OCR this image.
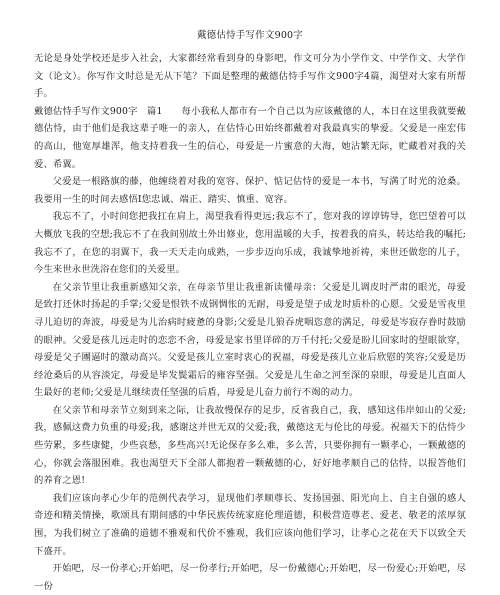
戴德估恃手写作文900字

无论是身处学校还是步入社会，大家都经常看到身的身影吧，作文可分为小学作文、中学作文、大学作文（论文）。你写作文时总是无从下笔？下面是整理的戴德估恃手写作文900字4篇，渴望对大家有所帮手。

戴德估恃手写作文900字　篇1　　每小我私人都市有一个自己以为应该戴德的人，本日在这里我就要戴德估恃，由于他们是我这辈子唯一的亲人，在估恃心田始终都戴着对我最真实的挚爱。父爱是一座宏伟的高山，他宽厚雄浑，他支持着我一生的信心，母爱是一片蜜意的大海，她沾繁无际，贮藏着对我的关爱、希翼。

父爱是一根路旗的藤，他缠绕着对我的宽容、保护、惦记估恃的爱是一本书，写满了时光的沧桑。我要用一生的时间去感悟I您忠诚、端正、踏实、慎重、宽容。

我忘不了，小时间您把我扛在肩上，渴望我看得更远;我忘不了，您对我的谆谆铸导，您巴望着可以大概放飞我的空想;我忘不了在我间别故土外出修业，您用温暖的大手，按着我的肩头，转达给我的嘱托;我忘不了，在您的羽翼下，我一天天走向成熟，一步步迈向乐成，我诚挚地祈祷，来世还做您的儿子，今生来世永世洗浴在您们的关爱里。

在父亲节里让我重新感知父亲，在母亲节里让我重新读懂母亲：父爱是儿调皮时严肃的眼光，母爱是致打还休时扬起的手掌;父爱是恨铁不成钢惆怅的无耐，母爱是望子成龙时质朴的心愿。父爱是雪夜里寻儿迫切的奔波，母爱是为儿治病时疲惫的身影;父爱是儿狼吞虎咽恣意的满足，母爱是岑寂存眷时鼓励的眼神。父爱是孩儿远走时的恋恋不舍，母爱是家书里详碎的万千付托;父爱是盼儿回家时的望眼欲穿，母爱是父子團逼时的激动高兴。父爱是孩儿立室时衷心的祝福，母爱是孩儿立业后欣慰的笑容;父爱是历经沧桑后的从容淡定，母爱是毕发鬓霜后的雍容坚强。父爱是儿生命之河至深的泉眼，母爱是儿直面人生最好的老师;父爱是儿继续责任坚强的后盾，母爱是儿奋力前行不竭的动力。

在父亲节和母亲节立刻到来之际，让我故慢保存的足步，反省我自己，我，感知这伟岸如山的父爱;我，感佩这费力负重的母爱;我，感谢这并世无双的父爱;我，戴德这无与伦比的母爱。祝福天下的估恃少些劳累，多些康健，少些哀愁，多些高兴!无论保存多么难，多么苦，只要你拥有一颗孝心，一颗戴德的心，你就会落服困难。我也渴望天下全部人都抱着一颗戴德的心，好好地孝顺自己的估恃，以报答他们的养育之恩!

我们应该向孝心少年的范例代表学习，显现他们孝顺尊长、发扬国强、阳光向上、自主自强的感人奇迹和精美情操，歌颂具有期间感的中华民族传统家庭伦理道德，积极营造尊老、爱老、敬老的浓厚氛围，为我们树立了准确的道德不雅观和代价不雅观，我们应该向他们学习，让孝心之花在天下以致全天下盛开。

开始吧，尽一份孝心;开始吧，尽一份孝行;开始吧，尽一份戴德心;开始吧，尽一份爱心;开始吧，尽一份
